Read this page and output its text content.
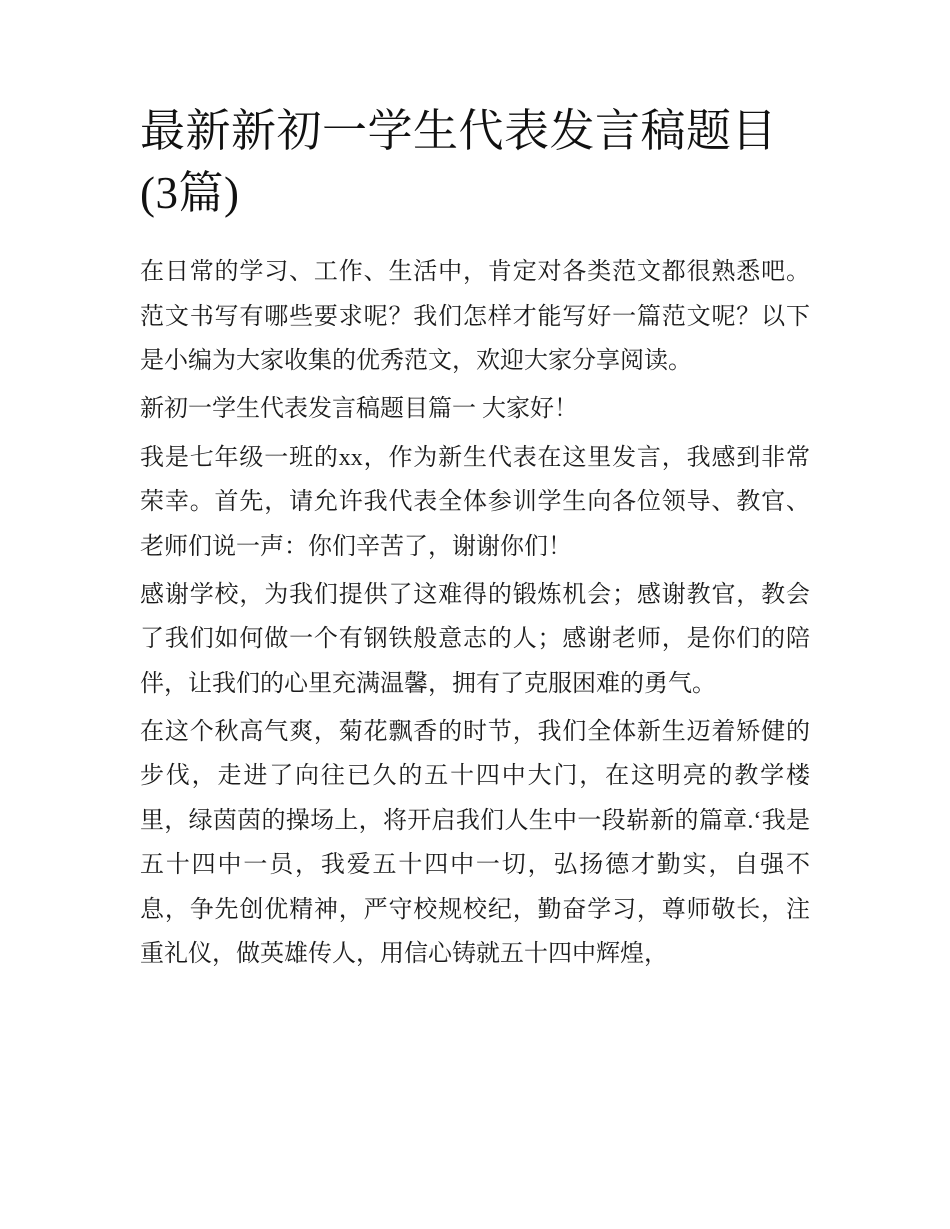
最新新初一学生代表发言稿题目(3篇)

在日常的学习、工作、生活中，肯定对各类范文都很熟悉吧。范文书写有哪些要求呢？我们怎样才能写好一篇范文呢？以下是小编为大家收集的优秀范文，欢迎大家分享阅读。

新初一学生代表发言稿题目篇一 大家好！

我是七年级一班的xx，作为新生代表在这里发言，我感到非常荣幸。首先，请允许我代表全体参训学生向各位领导、教官、老师们说一声：你们辛苦了，谢谢你们！

感谢学校，为我们提供了这难得的锻炼机会；感谢教官，教会了我们如何做一个有钢铁般意志的人；感谢老师，是你们的陪伴，让我们的心里充满温馨，拥有了克服困难的勇气。

在这个秋高气爽，菊花飘香的时节，我们全体新生迈着矫健的步伐，走进了向往已久的五十四中大门，在这明亮的教学楼里，绿茵茵的操场上，将开启我们人生中一段崭新的篇章.‘我是五十四中一员，我爱五十四中一切，弘扬德才勤实，自强不息，争先创优精神，严守校规校纪，勤奋学习，尊师敬长，注重礼仪，做英雄传人，用信心铸就五十四中辉煌，
